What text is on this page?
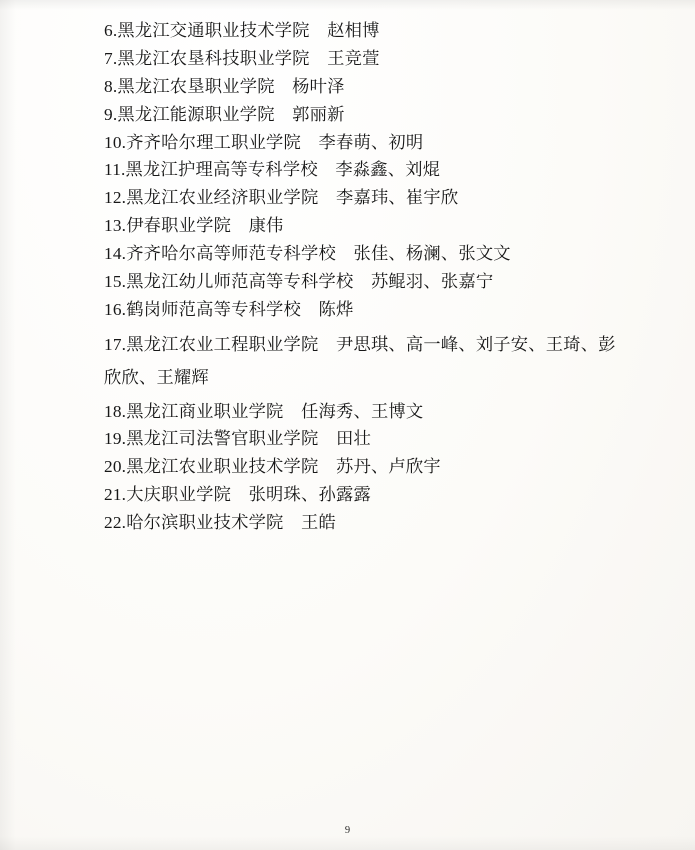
6.黑龙江交通职业技术学院　赵相博

7.黑龙江农垦科技职业学院　王竞萱

8.黑龙江农垦职业学院　杨叶泽

9.黑龙江能源职业学院　郭丽新

10.齐齐哈尔理工职业学院　李春萌、初明

11.黑龙江护理高等专科学校　李淼鑫、刘焜

12.黑龙江农业经济职业学院　李嘉玮、崔宇欣

13.伊春职业学院　康伟

14.齐齐哈尔高等师范专科学校　张佳、杨澜、张文文

15.黑龙江幼儿师范高等专科学校　苏鲲羽、张嘉宁

16.鹤岗师范高等专科学校　陈烨

17.黑龙江农业工程职业学院　尹思琪、高一峰、刘子安、王琦、彭欣欣、王耀辉

18.黑龙江商业职业学院　任海秀、王博文

19.黑龙江司法警官职业学院　田壮

20.黑龙江农业职业技术学院　苏丹、卢欣宇

21.大庆职业学院　张明珠、孙露露

22.哈尔滨职业技术学院　王皓

9
